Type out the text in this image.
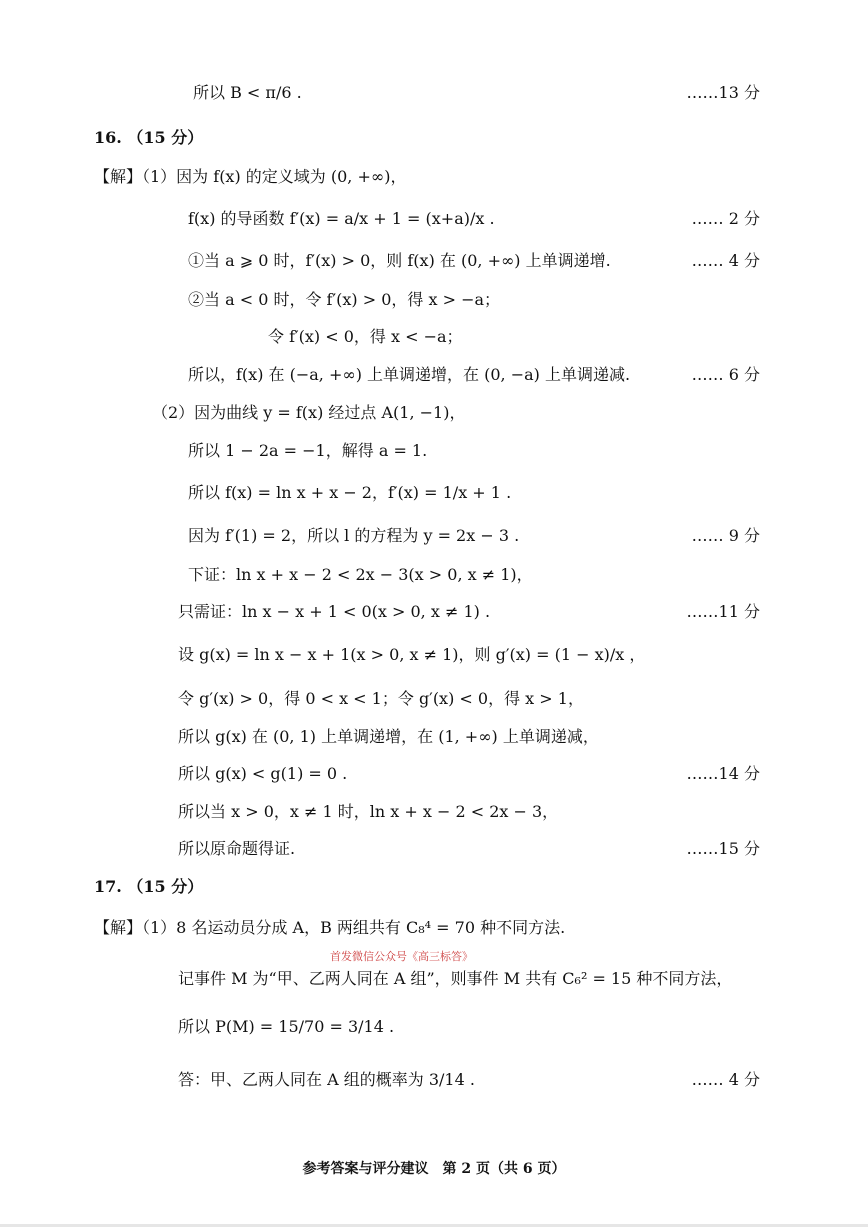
所以 B < π/6 .	……13 分
16. （15 分）
【解】（1）因为 f(x) 的定义域为 (0, +∞)，
f(x) 的导函数 f′(x) = a/x + 1 = (x+a)/x .	…… 2 分
①当 a ⩾ 0 时，f′(x) > 0，则 f(x) 在 (0, +∞) 上单调递增.	…… 4 分
②当 a < 0 时，令 f′(x) > 0，得 x > −a；
令 f′(x) < 0，得 x < −a；
所以，f(x) 在 (−a, +∞) 上单调递增，在 (0, −a) 上单调递减.	…… 6 分
（2）因为曲线 y = f(x) 经过点 A(1, −1)，
所以 1 − 2a = −1，解得 a = 1.
所以 f(x) = ln x + x − 2，f′(x) = 1/x + 1 .
因为 f′(1) = 2，所以 l 的方程为 y = 2x − 3 .	…… 9 分
下证：ln x + x − 2 < 2x − 3(x > 0, x ≠ 1)，
只需证：ln x − x + 1 < 0(x > 0, x ≠ 1) .	……11 分
设 g(x) = ln x − x + 1(x > 0, x ≠ 1)，则 g′(x) = (1 − x)/x ，
令 g′(x) > 0，得 0 < x < 1；令 g′(x) < 0，得 x > 1，
所以 g(x) 在 (0, 1) 上单调递增，在 (1, +∞) 上单调递减，
所以 g(x) < g(1) = 0 .	……14 分
所以当 x > 0，x ≠ 1 时，ln x + x − 2 < 2x − 3，
所以原命题得证.	……15 分
17. （15 分）
【解】（1）8 名运动员分成 A，B 两组共有 C₈⁴ = 70 种不同方法.
记事件 M 为“甲、乙两人同在 A 组”，则事件 M 共有 C₆² = 15 种不同方法，
所以 P(M) = 15/70 = 3/14 .
答：甲、乙两人同在 A 组的概率为 3/14 .	…… 4 分
首发微信公众号《高三标答》
参考答案与评分建议　第 2 页（共 6 页）
